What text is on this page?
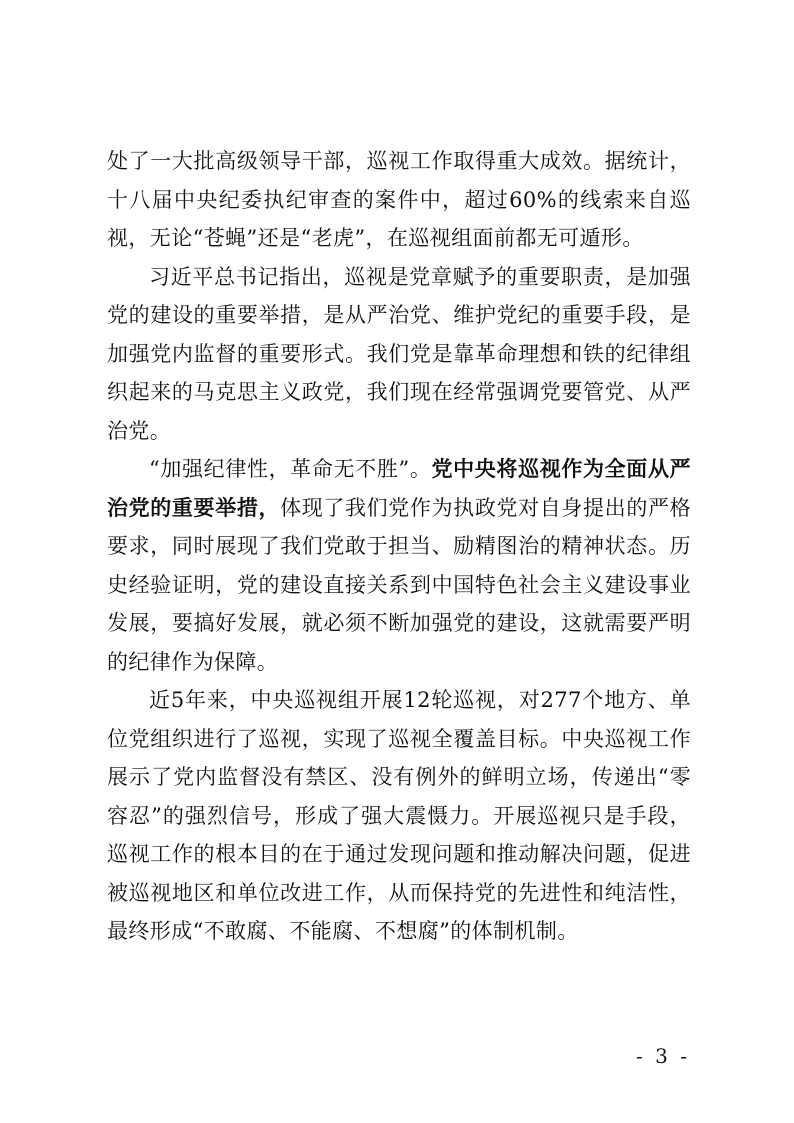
处了一大批高级领导干部，巡视工作取得重大成效。据统计，十八届中央纪委执纪审查的案件中，超过60%的线索来自巡视，无论“苍蝇”还是“老虎”，在巡视组面前都无可遁形。

习近平总书记指出，巡视是党章赋予的重要职责，是加强党的建设的重要举措，是从严治党、维护党纪的重要手段，是加强党内监督的重要形式。我们党是靠革命理想和铁的纪律组织起来的马克思主义政党，我们现在经常强调党要管党、从严治党。

“加强纪律性，革命无不胜”。党中央将巡视作为全面从严治党的重要举措，体现了我们党作为执政党对自身提出的严格要求，同时展现了我们党敢于担当、励精图治的精神状态。历史经验证明，党的建设直接关系到中国特色社会主义建设事业发展，要搞好发展，就必须不断加强党的建设，这就需要严明的纪律作为保障。

近5年来，中央巡视组开展12轮巡视，对277个地方、单位党组织进行了巡视，实现了巡视全覆盖目标。中央巡视工作展示了党内监督没有禁区、没有例外的鲜明立场，传递出“零容忍”的强烈信号，形成了强大震慑力。开展巡视只是手段，巡视工作的根本目的在于通过发现问题和推动解决问题，促进被巡视地区和单位改进工作，从而保持党的先进性和纯洁性，最终形成“不敢腐、不能腐、不想腐”的体制机制。

- 3 -
